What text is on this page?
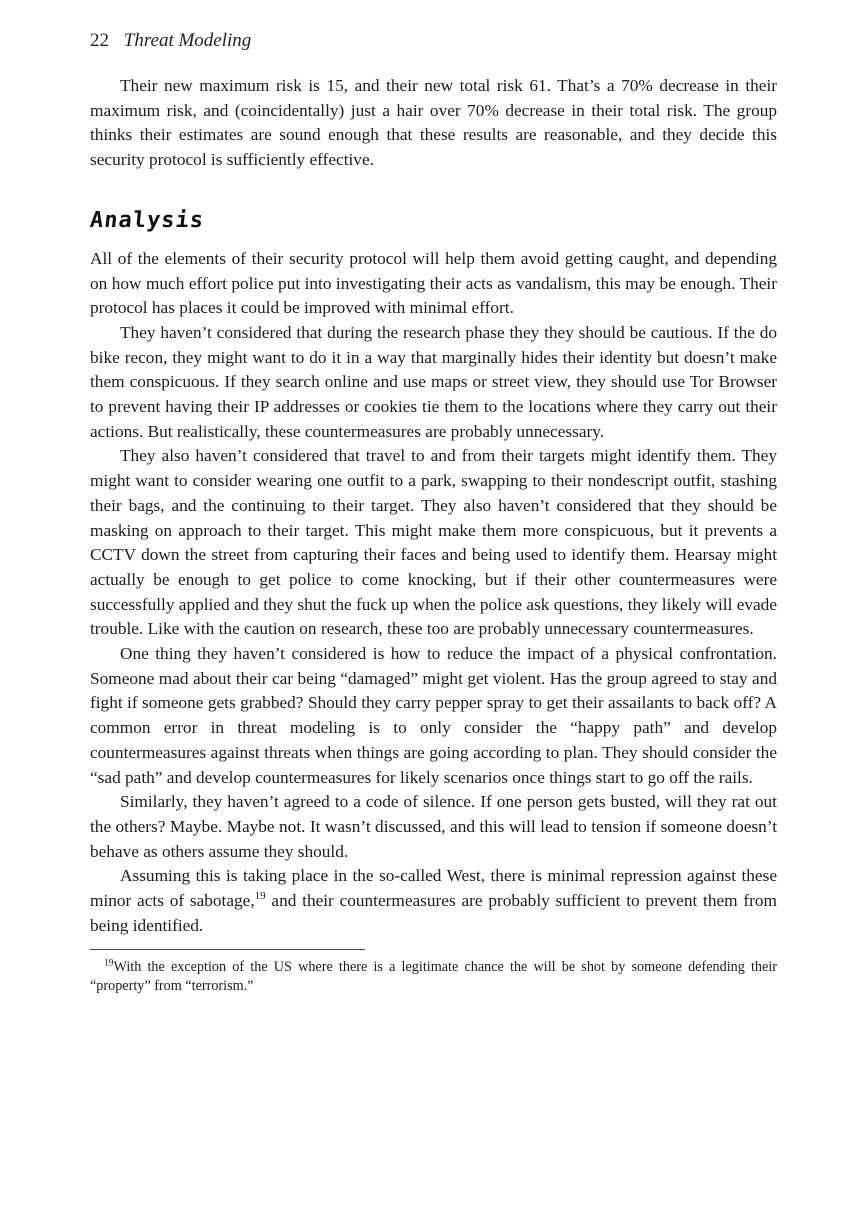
22 Threat Modeling

Their new maximum risk is 15, and their new total risk 61. That’s a 70% decrease in their maximum risk, and (coincidentally) just a hair over 70% decrease in their total risk. The group thinks their estimates are sound enough that these results are reasonable, and they decide this security protocol is sufficiently effective.

Analysis

All of the elements of their security protocol will help them avoid getting caught, and depending on how much effort police put into investigating their acts as vandalism, this may be enough. Their protocol has places it could be improved with minimal effort.

They haven’t considered that during the research phase they they should be cautious. If the do bike recon, they might want to do it in a way that marginally hides their identity but doesn’t make them conspicuous. If they search online and use maps or street view, they should use Tor Browser to prevent having their IP addresses or cookies tie them to the locations where they carry out their actions. But realistically, these countermeasures are probably unnecessary.

They also haven’t considered that travel to and from their targets might identify them. They might want to consider wearing one outfit to a park, swapping to their nondescript outfit, stashing their bags, and the continuing to their target. They also haven’t considered that they should be masking on approach to their target. This might make them more conspicuous, but it prevents a CCTV down the street from capturing their faces and being used to identify them. Hearsay might actually be enough to get police to come knocking, but if their other countermeasures were successfully applied and they shut the fuck up when the police ask questions, they likely will evade trouble. Like with the caution on research, these too are probably unnecessary countermeasures.

One thing they haven’t considered is how to reduce the impact of a physical confrontation. Someone mad about their car being “damaged” might get violent. Has the group agreed to stay and fight if someone gets grabbed? Should they carry pepper spray to get their assailants to back off? A common error in threat modeling is to only consider the “happy path” and develop countermeasures against threats when things are going according to plan. They should consider the “sad path” and develop countermeasures for likely scenarios once things start to go off the rails.

Similarly, they haven’t agreed to a code of silence. If one person gets busted, will they rat out the others? Maybe. Maybe not. It wasn’t discussed, and this will lead to tension if someone doesn’t behave as others assume they should.

Assuming this is taking place in the so-called West, there is minimal repression against these minor acts of sabotage,$^{19}$ and their countermeasures are probably sufficient to prevent them from being identified.

$^{19}$With the exception of the US where there is a legitimate chance the will be shot by someone defending their “property” from “terrorism.”
